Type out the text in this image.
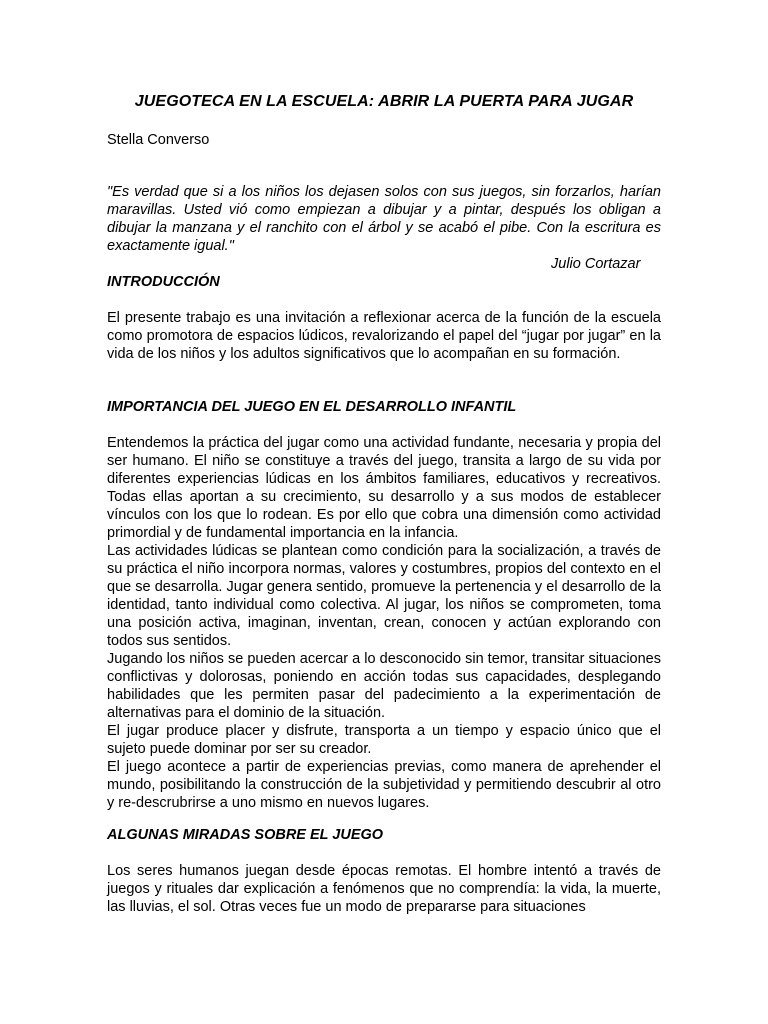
JUEGOTECA EN LA ESCUELA: ABRIR LA PUERTA PARA JUGAR

Stella Converso

"Es verdad que si a los niños los dejasen solos con sus juegos, sin forzarlos, harían maravillas. Usted vió como empiezan a dibujar y a pintar, después los obligan a dibujar la manzana y el ranchito con el árbol y se acabó el pibe. Con la escritura es exactamente igual."

Julio Cortazar

INTRODUCCIÓN

El presente trabajo es una invitación a reflexionar acerca de la función de la escuela como promotora de espacios lúdicos, revalorizando el papel del “jugar por jugar” en la vida de los niños y los adultos significativos que lo acompañan en su formación.

IMPORTANCIA DEL JUEGO EN EL DESARROLLO INFANTIL

Entendemos la práctica del jugar como una actividad fundante, necesaria y propia del ser humano. El niño se constituye a través del juego, transita a largo de su vida por diferentes experiencias lúdicas en los ámbitos familiares, educativos y recreativos. Todas ellas aportan a su crecimiento, su desarrollo y a sus modos de establecer vínculos con los que lo rodean. Es por ello que cobra una dimensión como actividad primordial y de fundamental importancia en la infancia.

Las actividades lúdicas se plantean como condición para la socialización, a través de su práctica el niño incorpora normas, valores y costumbres, propios del contexto en el que se desarrolla. Jugar genera sentido, promueve la pertenencia y el desarrollo de la identidad, tanto individual como colectiva. Al jugar, los niños se comprometen, toma una posición activa, imaginan, inventan, crean, conocen y actúan explorando con todos sus sentidos.

Jugando los niños se pueden acercar a lo desconocido sin temor, transitar situaciones conflictivas y dolorosas, poniendo en acción todas sus capacidades, desplegando habilidades que les permiten pasar del padecimiento a la experimentación de alternativas para el dominio de la situación.

El jugar produce placer y disfrute, transporta a un tiempo y espacio único que el sujeto puede dominar por ser su creador.

El juego acontece a partir de experiencias previas, como manera de aprehender el mundo, posibilitando la construcción de la subjetividad y permitiendo descubrir al otro y re-descrubrirse a uno mismo en nuevos lugares.

ALGUNAS MIRADAS SOBRE EL JUEGO

Los seres humanos juegan desde épocas remotas. El hombre intentó a través de juegos y rituales dar explicación a fenómenos que no comprendía: la vida, la muerte, las lluvias, el sol. Otras veces fue un modo de prepararse para situaciones
